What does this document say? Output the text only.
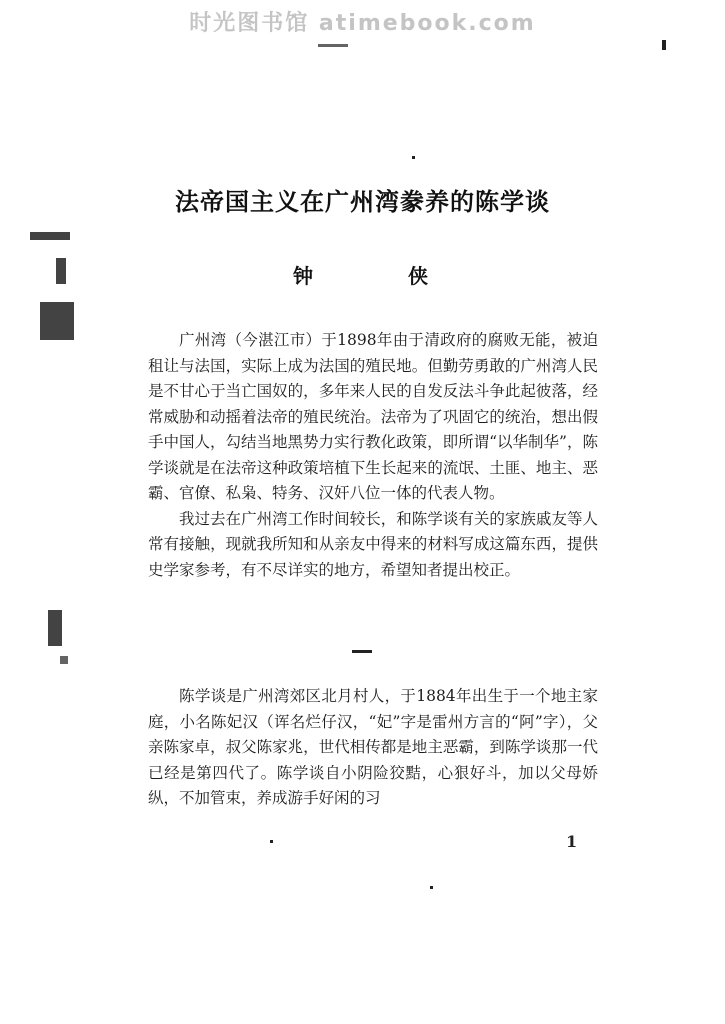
时光图书馆 atimebook.com
法帝国主义在广州湾豢养的陈学谈
钟 侠

广州湾（今湛江市）于1898年由于清政府的腐败无能，被迫租让与法国，实际上成为法国的殖民地。但勤劳勇敢的广州湾人民是不甘心于当亡国奴的，多年来人民的自发反法斗争此起彼落，经常威胁和动摇着法帝的殖民统治。法帝为了巩固它的统治，想出假手中国人，勾结当地黑势力实行教化政策，即所谓“以华制华”，陈学谈就是在法帝这种政策培植下生长起来的流氓、土匪、地主、恶霸、官僚、私枭、特务、汉奸八位一体的代表人物。

我过去在广州湾工作时间较长，和陈学谈有关的家族戚友等人常有接触，现就我所知和从亲友中得来的材料写成这篇东西，提供史学家参考，有不尽详实的地方，希望知者提出校正。

陈学谈是广州湾郊区北月村人，于1884年出生于一个地主家庭，小名陈妃汉（诨名烂仔汉，“妃”字是雷州方言的“阿”字），父亲陈家卓，叔父陈家兆，世代相传都是地主恶霸，到陈学谈那一代已经是第四代了。陈学谈自小阴险狡黠，心狠好斗，加以父母娇纵，不加管束，养成游手好闲的习

1
